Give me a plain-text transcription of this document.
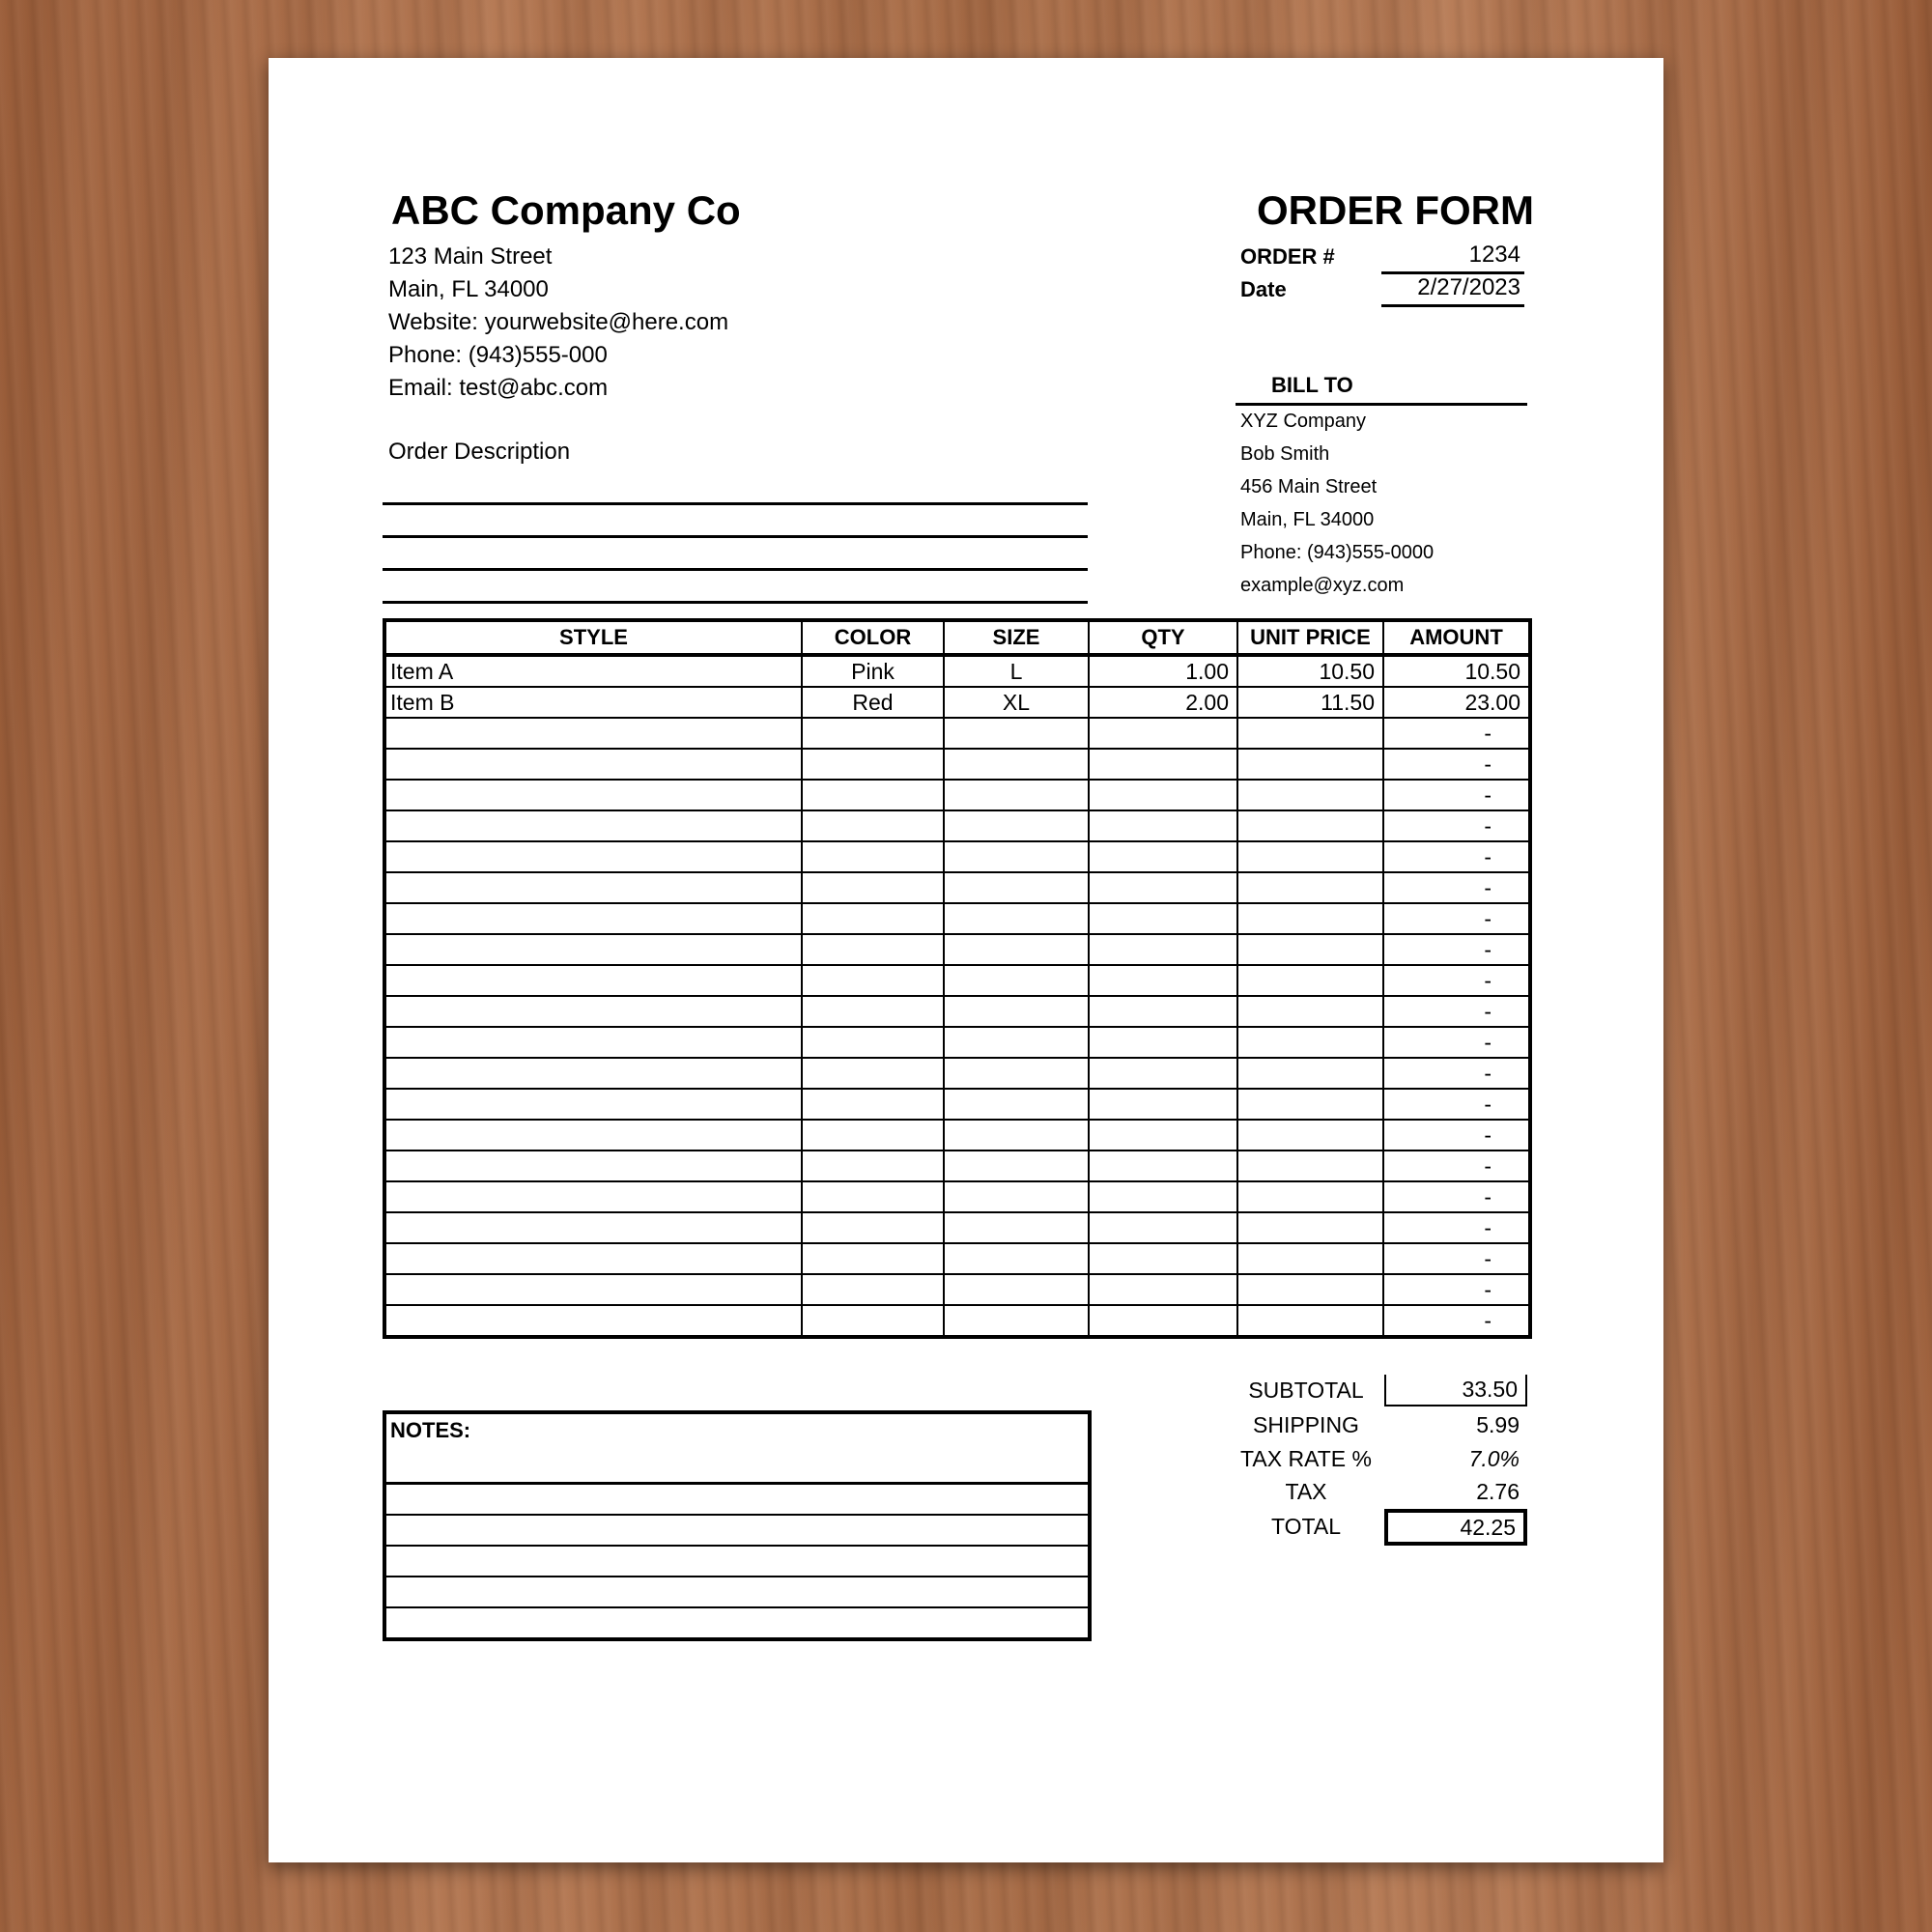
ABC Company Co
123 Main Street
Main, FL 34000
Website: yourwebsite@here.com
Phone: (943)555-000
Email: test@abc.com
ORDER FORM
ORDER #	1234
Date	2/27/2023
BILL TO
XYZ Company
Bob Smith
456 Main Street
Main, FL 34000
Phone: (943)555-0000
example@xyz.com
Order Description
STYLE	COLOR	SIZE	QTY	UNIT PRICE	AMOUNT
Item A	Pink	L	1.00	10.50	10.50
Item B	Red	XL	2.00	11.50	23.00
					-
					-
					-
					-
					-
					-
					-
					-
					-
					-
					-
					-
					-
					-
					-
					-
					-
					-
					-
					-
SUBTOTAL	33.50
SHIPPING	5.99
TAX RATE %	7.0%
TAX	2.76
TOTAL	42.25
NOTES:
